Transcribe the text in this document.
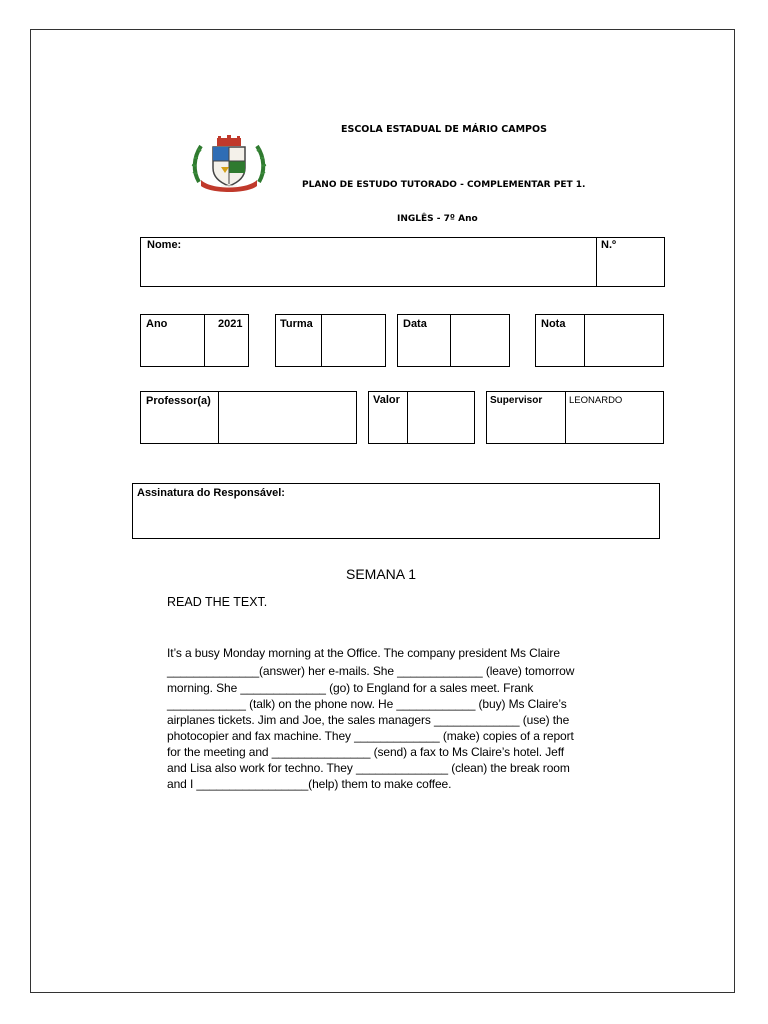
ESCOLA ESTADUAL DE MÁRIO CAMPOS
PLANO DE ESTUDO TUTORADO - COMPLEMENTAR PET 1.
INGLÊS - 7º Ano
Nome:	N.º
Ano	2021	Turma	Data	Nota
Professor(a)	Valor	Supervisor	LEONARDO
Assinatura do Responsável:
SEMANA 1
READ THE TEXT.
It’s a busy Monday morning at the Office. The company president Ms Claire
______________(answer) her e-mails. She _____________ (leave) tomorrow
morning. She _____________ (go) to England for a sales meet. Frank
____________ (talk) on the phone now. He ____________ (buy) Ms Claire’s
airplanes tickets. Jim and Joe, the sales managers _____________ (use) the
photocopier and fax machine. They _____________ (make) copies of a report
for the meeting and _______________ (send) a fax to Ms Claire’s hotel. Jeff
and Lisa also work for techno. They ______________ (clean) the break room
and I _________________(help) them to make coffee.
